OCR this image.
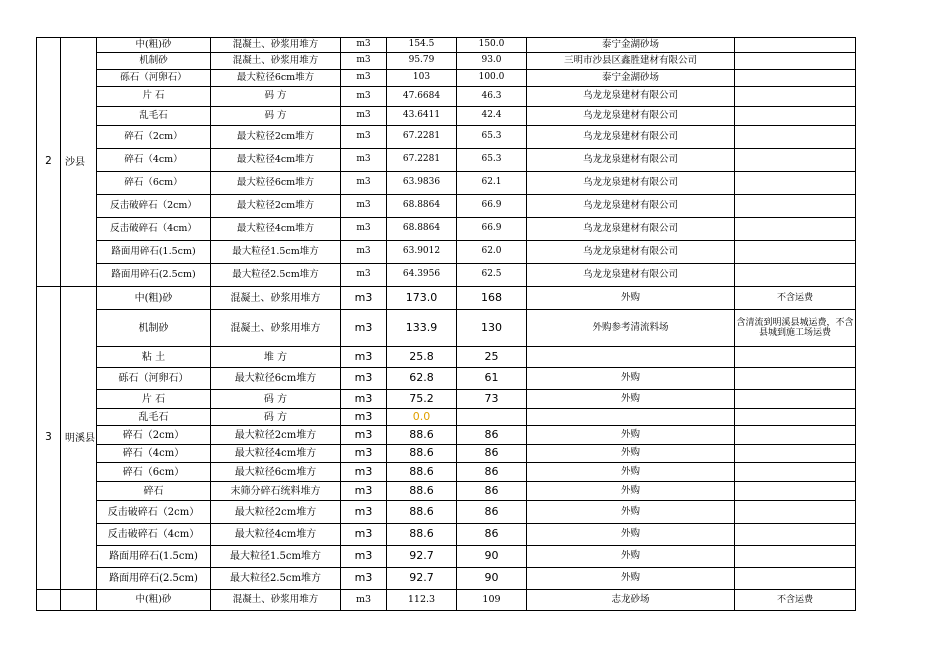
2	沙县	中(粗)砂	混凝土、砂浆用堆方	m3	154.5	150.0	泰宁金湖砂场	
		机制砂	混凝土、砂浆用堆方	m3	95.79	93.0	三明市沙县区鑫胜建材有限公司	
		砾石（河卵石）	最大粒径6cm堆方	m3	103	100.0	泰宁金湖砂场	
		片 石	码 方	m3	47.6684	46.3	乌龙龙泉建材有限公司	
		乱毛石	码 方	m3	43.6411	42.4	乌龙龙泉建材有限公司	
		碎石（2cm）	最大粒径2cm堆方	m3	67.2281	65.3	乌龙龙泉建材有限公司	
		碎石（4cm）	最大粒径4cm堆方	m3	67.2281	65.3	乌龙龙泉建材有限公司	
		碎石（6cm）	最大粒径6cm堆方	m3	63.9836	62.1	乌龙龙泉建材有限公司	
		反击破碎石（2cm）	最大粒径2cm堆方	m3	68.8864	66.9	乌龙龙泉建材有限公司	
		反击破碎石（4cm）	最大粒径4cm堆方	m3	68.8864	66.9	乌龙龙泉建材有限公司	
		路面用碎石(1.5cm)	最大粒径1.5cm堆方	m3	63.9012	62.0	乌龙龙泉建材有限公司	
		路面用碎石(2.5cm)	最大粒径2.5cm堆方	m3	64.3956	62.5	乌龙龙泉建材有限公司	
3	明溪县	中(粗)砂	混凝土、砂浆用堆方	m3	173.0	168	外购	不含运费
		机制砂	混凝土、砂浆用堆方	m3	133.9	130	外购参考清流料场	含清流到明溪县城运费，不含县城到施工场运费
		粘 土	堆 方	m3	25.8	25		
		砾石（河卵石）	最大粒径6cm堆方	m3	62.8	61	外购	
		片 石	码 方	m3	75.2	73	外购	
		乱毛石	码 方	m3	0.0			
		碎石（2cm）	最大粒径2cm堆方	m3	88.6	86	外购	
		碎石（4cm）	最大粒径4cm堆方	m3	88.6	86	外购	
		碎石（6cm）	最大粒径6cm堆方	m3	88.6	86	外购	
		碎石	末筛分碎石统料堆方	m3	88.6	86	外购	
		反击破碎石（2cm）	最大粒径2cm堆方	m3	88.6	86	外购	
		反击破碎石（4cm）	最大粒径4cm堆方	m3	88.6	86	外购	
		路面用碎石(1.5cm)	最大粒径1.5cm堆方	m3	92.7	90	外购	
		路面用碎石(2.5cm)	最大粒径2.5cm堆方	m3	92.7	90	外购	
		中(粗)砂	混凝土、砂浆用堆方	m3	112.3	109	志龙砂场	不含运费
